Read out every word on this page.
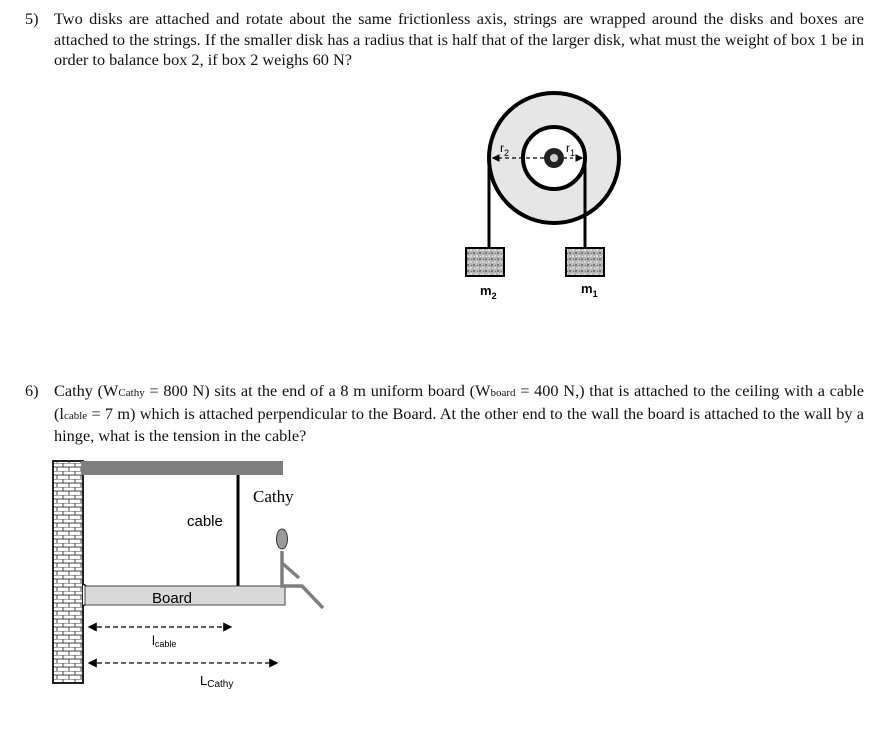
5) Two disks are attached and rotate about the same frictionless axis, strings are wrapped around the disks and boxes are attached to the strings. If the smaller disk has a radius that is half that of the larger disk, what must the weight of box 1 be in order to balance box 2, if box 2 weighs 60 N?
$r_2$	$r_1$
$m_2$	$m_1$
6) Cathy (WCathy = 800 N) sits at the end of a 8 m uniform board (Wboard = 400 N,) that is attached to the ceiling with a cable (lcable = 7 m) which is attached perpendicular to the Board. At the other end to the wall the board is attached to the wall by a hinge, what is the tension in the cable?
Cathy
cable
Board
lcable
LCathy
